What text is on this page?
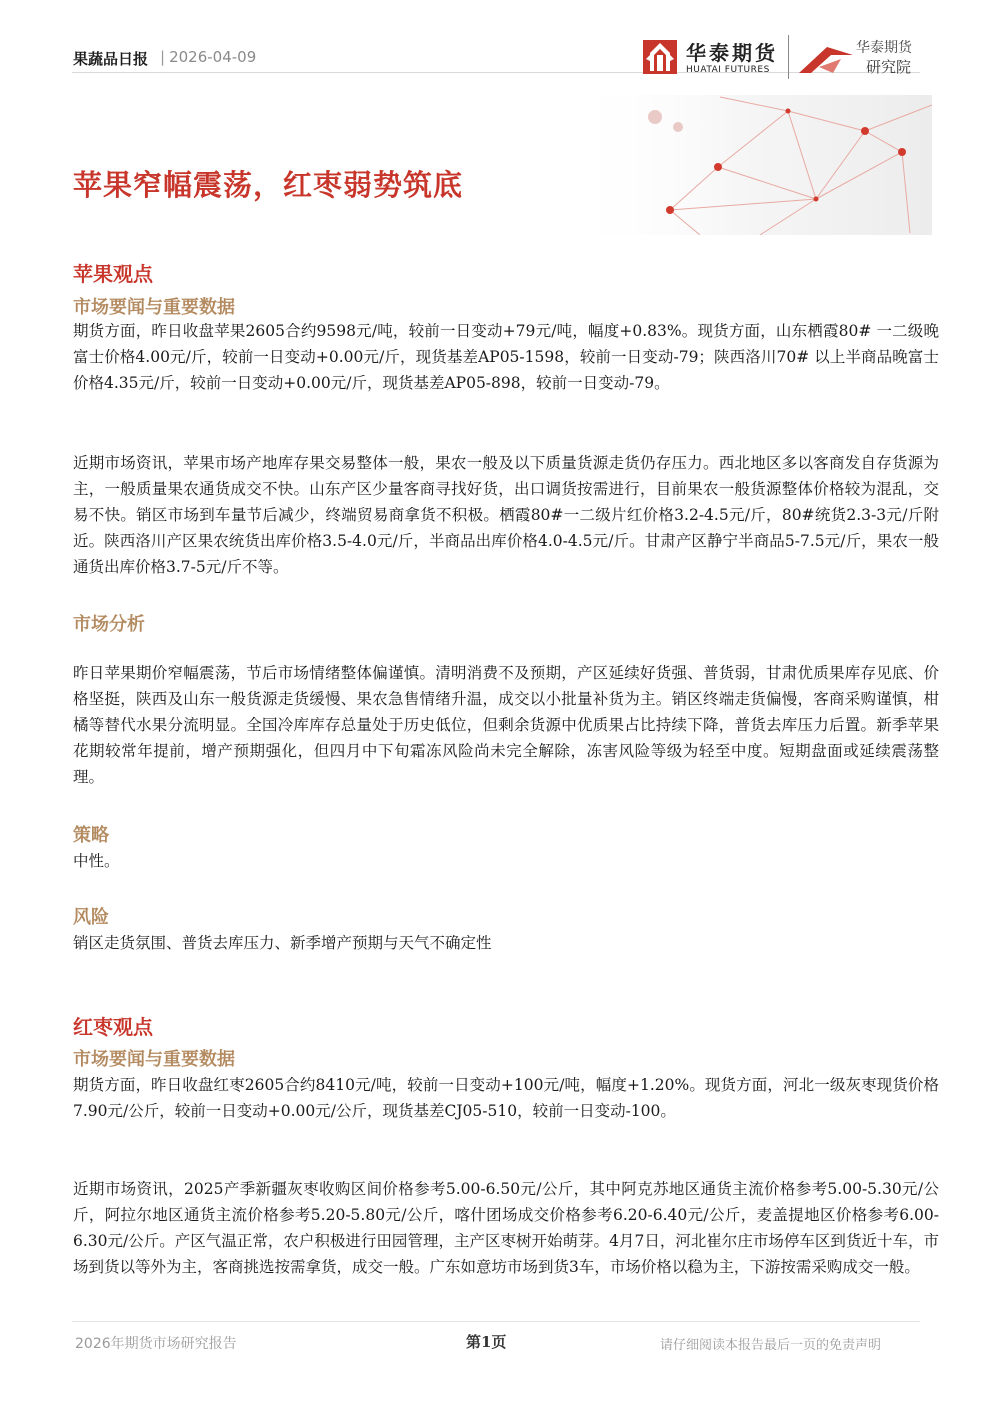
果蔬品日报 | 2026-04-09	华泰期货
HUATAI FUTURES
华泰期货
研究院
苹果窄幅震荡，红枣弱势筑底
苹果观点
市场要闻与重要数据

期货方面，昨日收盘苹果2605合约9598元/吨，较前一日变动+79元/吨，幅度+0.83%。现货方面，山东栖霞80# 一二级晚富士价格4.00元/斤，较前一日变动+0.00元/斤，现货基差AP05-1598，较前一日变动-79；陕西洛川70# 以上半商品晚富士价格4.35元/斤，较前一日变动+0.00元/斤，现货基差AP05-898，较前一日变动-79。

近期市场资讯，苹果市场产地库存果交易整体一般，果农一般及以下质量货源走货仍存压力。西北地区多以客商发自存货源为主，一般质量果农通货成交不快。山东产区少量客商寻找好货，出口调货按需进行，目前果农一般货源整体价格较为混乱，交易不快。销区市场到车量节后减少，终端贸易商拿货不积极。栖霞80#一二级片红价格3.2-4.5元/斤，80#统货2.3-3元/斤附近。陕西洛川产区果农统货出库价格3.5-4.0元/斤，半商品出库价格4.0-4.5元/斤。甘肃产区静宁半商品5-7.5元/斤，果农一般通货出库价格3.7-5元/斤不等。

市场分析

昨日苹果期价窄幅震荡，节后市场情绪整体偏谨慎。清明消费不及预期，产区延续好货强、普货弱，甘肃优质果库存见底、价格坚挺，陕西及山东一般货源走货缓慢、果农急售情绪升温，成交以小批量补货为主。销区终端走货偏慢，客商采购谨慎，柑橘等替代水果分流明显。全国冷库库存总量处于历史低位，但剩余货源中优质果占比持续下降，普货去库压力后置。新季苹果花期较常年提前，增产预期强化，但四月中下旬霜冻风险尚未完全解除，冻害风险等级为轻至中度。短期盘面或延续震荡整理。

策略

中性。

风险

销区走货氛围、普货去库压力、新季增产预期与天气不确定性

红枣观点
市场要闻与重要数据

期货方面，昨日收盘红枣2605合约8410元/吨，较前一日变动+100元/吨，幅度+1.20%。现货方面，河北一级灰枣现货价格7.90元/公斤，较前一日变动+0.00元/公斤，现货基差CJ05-510，较前一日变动-100。

近期市场资讯，2025产季新疆灰枣收购区间价格参考5.00-6.50元/公斤，其中阿克苏地区通货主流价格参考5.00-5.30元/公斤，阿拉尔地区通货主流价格参考5.20-5.80元/公斤，喀什团场成交价格参考6.20-6.40元/公斤，麦盖提地区价格参考6.00-6.30元/公斤。产区气温正常，农户积极进行田园管理，主产区枣树开始萌芽。4月7日，河北崔尔庄市场停车区到货近十车，市场到货以等外为主，客商挑选按需拿货，成交一般。广东如意坊市场到货3车，市场价格以稳为主，下游按需采购成交一般。

2026年期货市场研究报告	第1页	请仔细阅读本报告最后一页的免责声明
